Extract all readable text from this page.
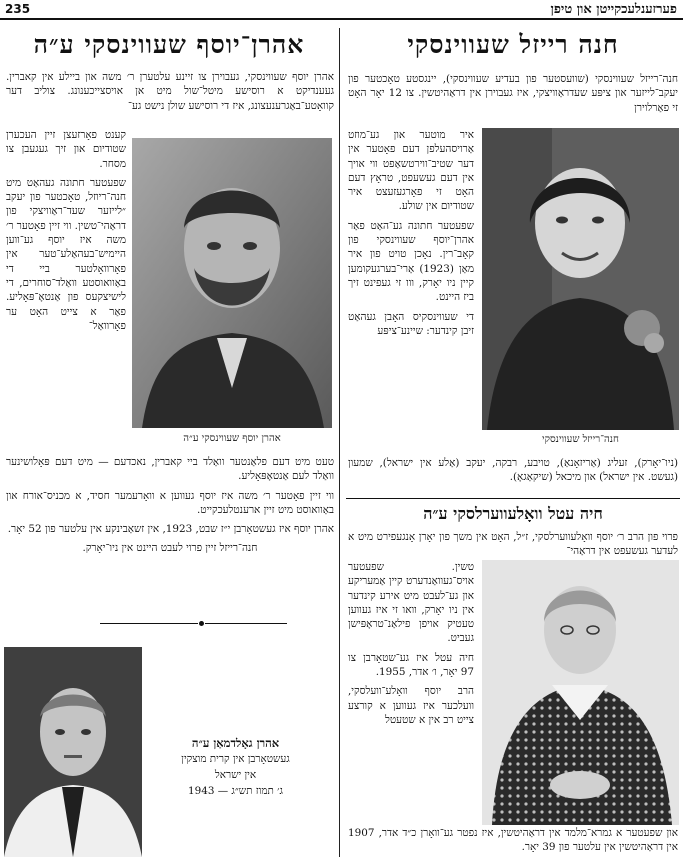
235	פערזענלעכקייטן און טיפן
אהרן־יוסף שעווינסקי ע״ה

אהרן יוסף שעווינסקי, געבוירן צו זיינע עלטערן ר׳ משה און ביילע אין קאברין. געענדיקט א רוסישע מיטל־שול מיט אן אויסצייכענונג. צוליב דער קוואָטע־באַגרענעצונג, איז די רוסישע שולן נישט גע־

קענט פאָרזעצן זיין העכערן שטודיום און זיך געגעבן צו מסחר.

שפעטער חתונה געהאַט מיט חנה־ריוזל, טאָכטער פון יעקב ״לייזער שעד־ראַוויצקי פון דראַהי־טשין. ווי זיין פאָטער ר׳ משה איז יוסף גע־ווען היימיש־בעהאַלע־טער אין פאָרוואָלטער ביי די באַוואוסטע וואַלד־סוחרים, די לישיצקעס פון אַנטאָ־פּאָליע. פאַר א צייט האָט ער פאָרוואַל־

אהרן יוסף שעווינסקי ע״ה

טעט מיט דעם פלאַנטער וואַלד ביי קאברין, נאכדעם — מיט דעם פּאָלושינער וואַלד לעם אַנטאָפּאָליע.

ווי זיין פאָטער ר׳ משה איז יוסף געווען א וואָרעמער חסיד, א מכניס־אורח און באַוואוסט מיט זיין ארענטלעכקייט.

אהרן יוסף איז געשטאָרבן י״ז שבט, 1923, אין זשאַבינקע אין עלטער פון 52 יאָר.

חנה־רייזל זיין פרוי לעבט היינט אין ניו־יאָרק.

אהרן גאָלדמאַן ע״ה
געשטאָרבן אין קרית מוצקין
אין ישראל
ג׳ תמוז תש״ג — 1943
חנה רייזל שעווינסקי

חנה־רייזל שעווינסקי (שוועסטער פון בעדיע שעווינסקי), יינגסטע טאָכטער פון יעקב־לייזער און ציפּע שעדראַוויצקי, איז געבוירן אין דראַהיטשין. צו 12 יאָר האָט זי פאַרלוירן

איר מוטער און גע־מוזט אַרויסהעלפן דעם פאָטער אין דער שטיב־ווירטשאַפט ווי אויך אין דעם געשעפט, טראָץ דעם האָט זי פאָרגעזעצט איר שטודיום אין שולע.

שפעטער חתונה גע־האַט פאַר אהרן־יוסף שעווינסקי פון קאָב־רין. נאָכן טויט פון איר מאַן (1923) אַרי־בערגעקומען קיין ניו יאָרק, ווו זי געפינט זיך ביז היינט.

די שעווינסקיס האָבן געהאַט זיבן קינדער: שיינע־ציפּע

חנה־רייזל שעווינסקי

(ניו־יאָרק), זעליג (אַריזאָנאַ), טויבע, רבקה, יעקב (אַלע אין ישראל), שמעון (געשט. אין ישראל) און מיכאל (שיקאַגאָ).

חיה עטל וואָלעווערלסקי ע״ה

פרוי פון הרב ר׳ יוסף וואָלעווערלסקי, ז״ל, האָט אין משך פון יאָרן אָנגעפירט מיט א לעדער געשעפט אין דראַהי־

טשין. שפעטער אויס־געוואַנדערט קיין אַמעריקע און גע־לעבט מיט אירע קינדער אין ניו יאָרק, וואו זי איז געווען טעטיק אויפן פילאַנ־טראָפּישן געביט.

חיה עטל איז גע־שטאָרבן צו 97 יאָר, ו׳ אדר, 1955.

הרב יוסף וואָלע־וועלסקי, וועלכער איז געווען א קורצע צייט רב אין א שטעטל

און שפעטער א גמרא־מלמד אין דראַהיטשין, איז נפטר גע־וואָרן כ״ד אדר, 1907 אין דראַהיטשין אין עלטער פון 39 יאָר.
